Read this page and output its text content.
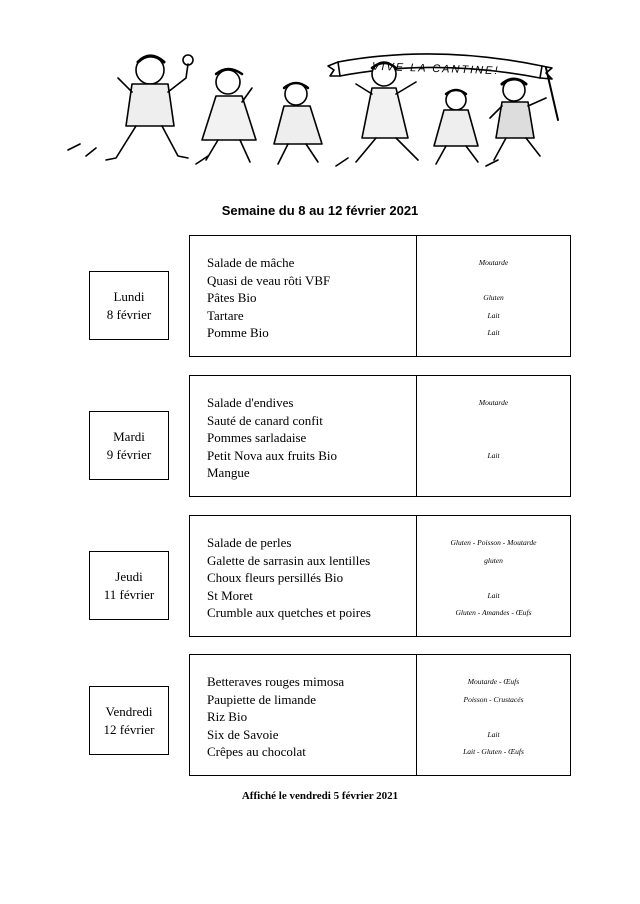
VIVE LA CANTINE!
Semaine du 8 au 12 février 2021
Lundi
8 février
Salade de mâche
Quasi de veau rôti VBF
Pâtes Bio
Tartare
Pomme Bio
Moutarde
Gluten
Lait
Lait
Mardi
9 février
Salade d'endives
Sauté de canard confit
Pommes sarladaise
Petit Nova aux fruits Bio
Mangue
Moutarde
Lait
Jeudi
11 février
Salade de perles
Galette de sarrasin aux lentilles
Choux fleurs persillés Bio
St Moret
Crumble aux quetches et poires
Gluten - Poisson - Moutarde
gluten
Lait
Gluten - Amandes - Œufs
Vendredi
12 février
Betteraves rouges mimosa
Paupiette de limande
Riz Bio
Six de Savoie
Crêpes au chocolat
Moutarde - Œufs
Poisson - Crustacés
Lait
Lait - Gluten - Œufs
Affiché le vendredi 5 février 2021
